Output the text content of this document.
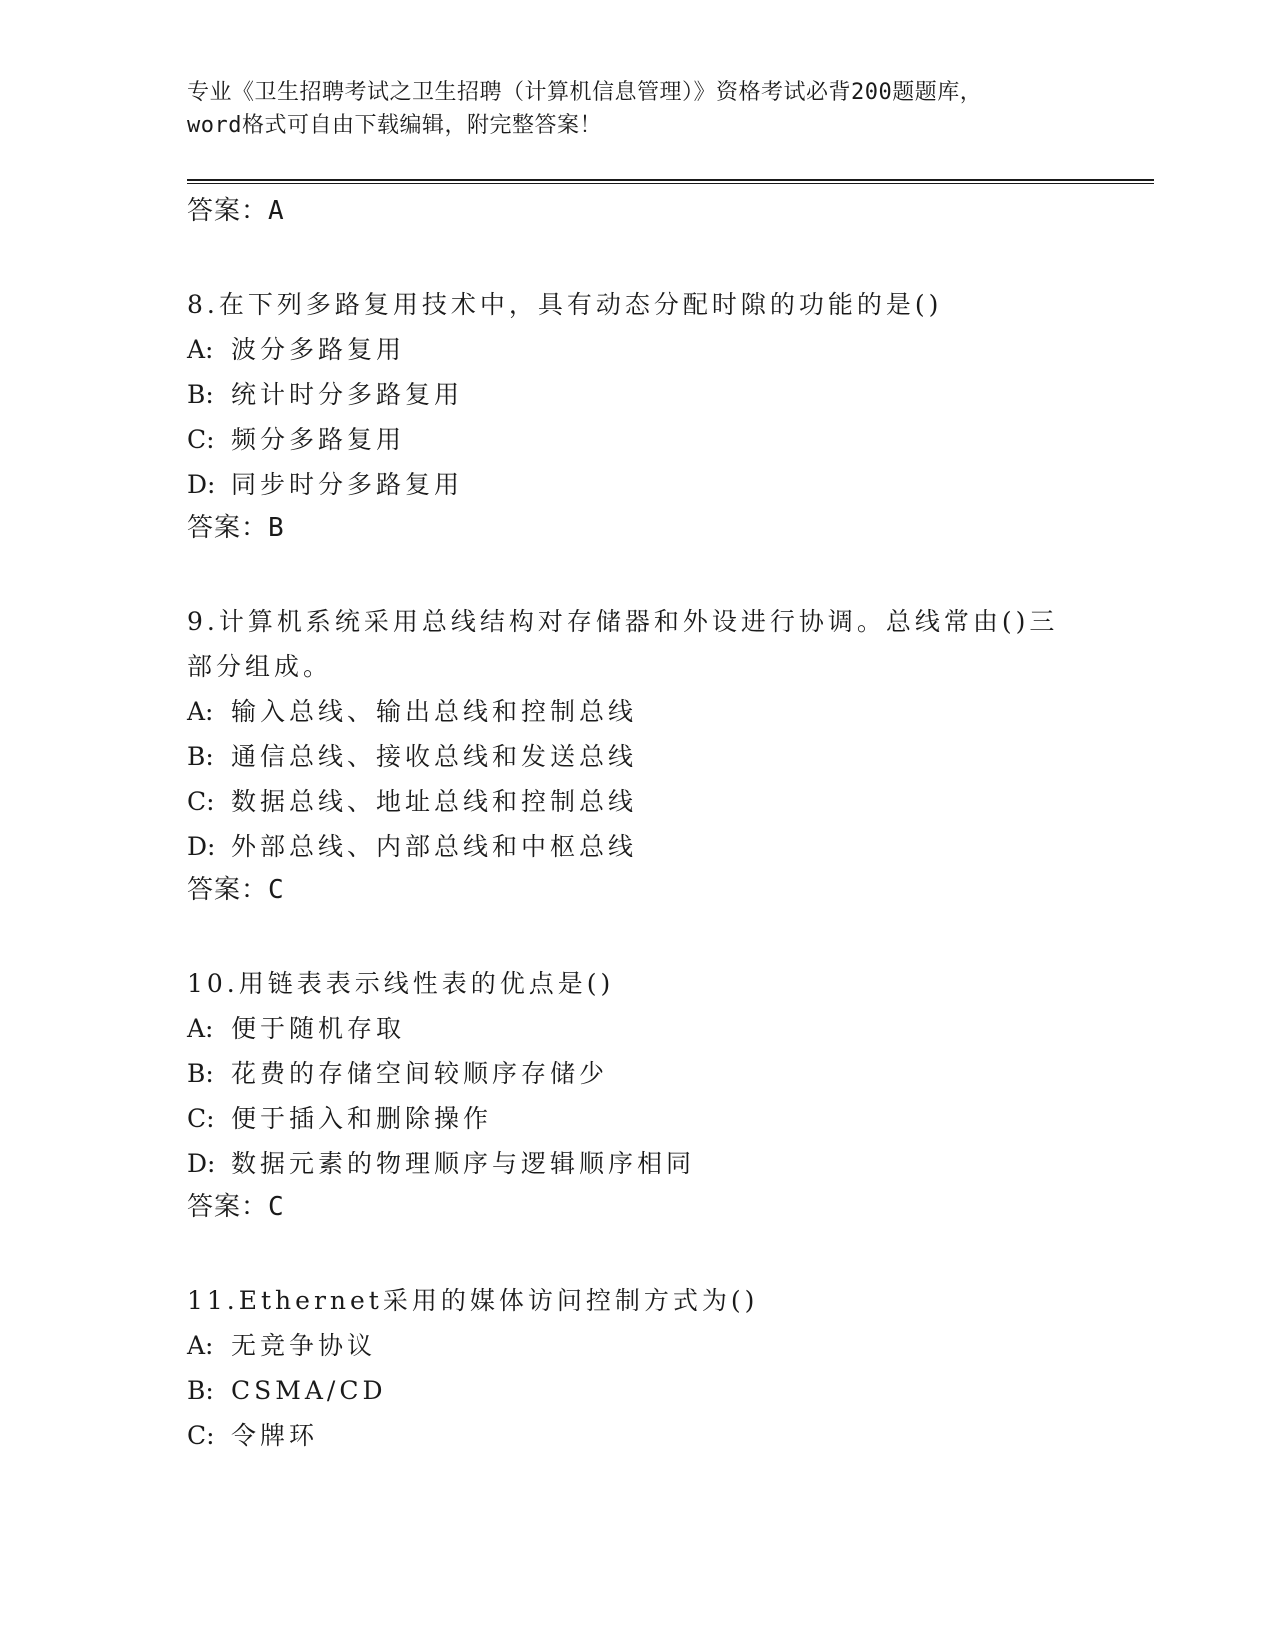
专业《卫生招聘考试之卫生招聘（计算机信息管理）》资格考试必背200题题库，
word格式可自由下载编辑，附完整答案！
答案：A
8.在下列多路复用技术中，具有动态分配时隙的功能的是()
A: 波分多路复用
B: 统计时分多路复用
C: 频分多路复用
D: 同步时分多路复用
答案：B
9.计算机系统采用总线结构对存储器和外设进行协调。总线常由()三
部分组成。
A: 输入总线、输出总线和控制总线
B: 通信总线、接收总线和发送总线
C: 数据总线、地址总线和控制总线
D: 外部总线、内部总线和中枢总线
答案：C
10.用链表表示线性表的优点是()
A: 便于随机存取
B: 花费的存储空间较顺序存储少
C: 便于插入和删除操作
D: 数据元素的物理顺序与逻辑顺序相同
答案：C
11.Ethernet采用的媒体访问控制方式为()
A: 无竞争协议
B: CSMA/CD
C: 令牌环
